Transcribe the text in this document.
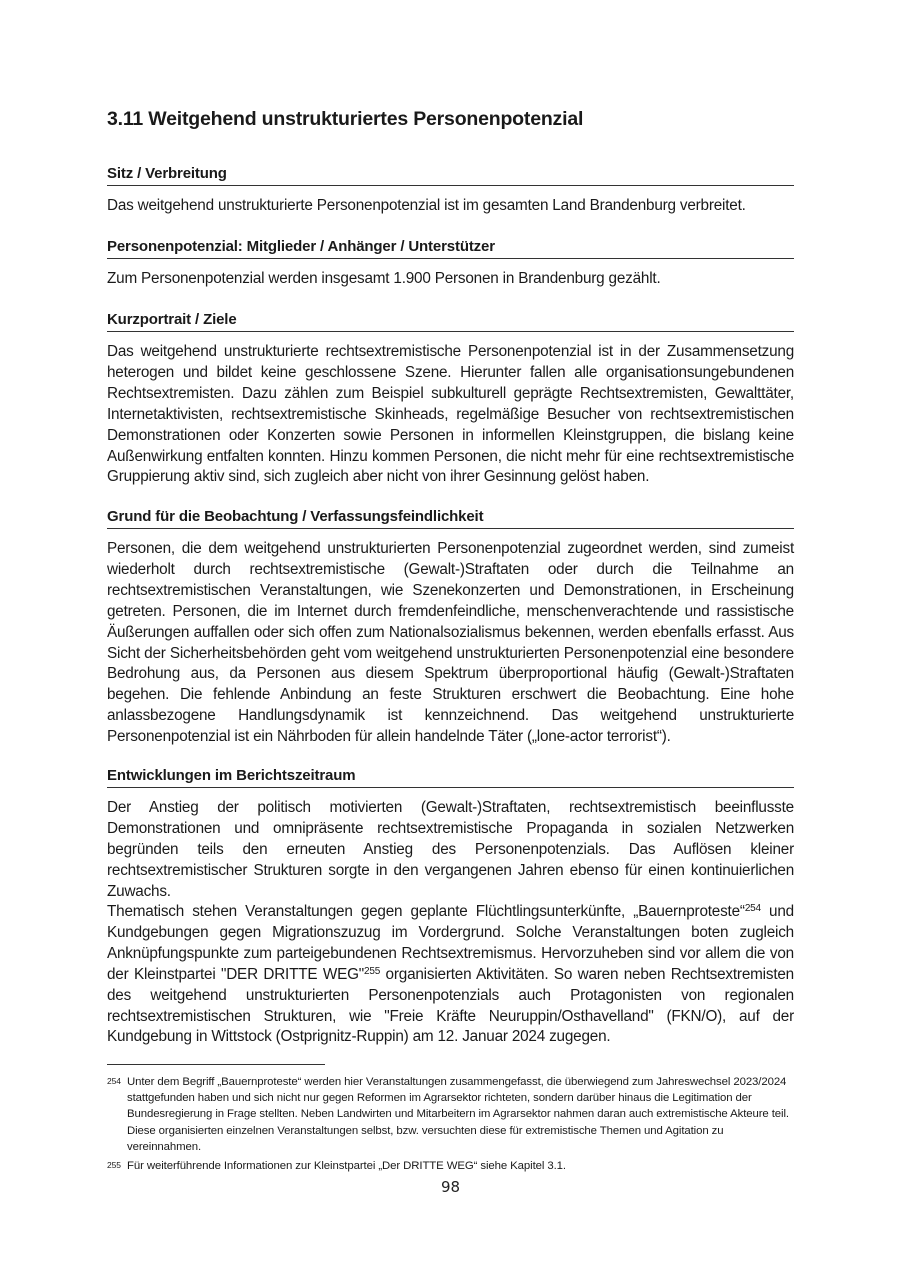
3.11 Weitgehend unstrukturiertes Personenpotenzial
Sitz / Verbreitung

Das weitgehend unstrukturierte Personenpotenzial ist im gesamten Land Brandenburg verbreitet.

Personenpotenzial: Mitglieder / Anhänger / Unterstützer

Zum Personenpotenzial werden insgesamt 1.900 Personen in Brandenburg gezählt.

Kurzportrait / Ziele

Das weitgehend unstrukturierte rechtsextremistische Personenpotenzial ist in der Zusammensetzung heterogen und bildet keine geschlossene Szene. Hierunter fallen alle organisationsungebundenen Rechtsextremisten. Dazu zählen zum Beispiel subkulturell geprägte Rechtsextremisten, Gewalttäter, Internetaktivisten, rechtsextremistische Skinheads, regelmäßige Besucher von rechtsextremistischen Demonstrationen oder Konzerten sowie Personen in informellen Kleinstgruppen, die bislang keine Außenwirkung entfalten konnten. Hinzu kommen Personen, die nicht mehr für eine rechtsextremistische Gruppierung aktiv sind, sich zugleich aber nicht von ihrer Gesinnung gelöst haben.

Grund für die Beobachtung / Verfassungsfeindlichkeit

Personen, die dem weitgehend unstrukturierten Personenpotenzial zugeordnet werden, sind zumeist wiederholt durch rechtsextremistische (Gewalt-)Straftaten oder durch die Teilnahme an rechtsextremistischen Veranstaltungen, wie Szenekonzerten und Demonstrationen, in Erscheinung getreten. Personen, die im Internet durch fremdenfeindliche, menschenverachtende und rassistische Äußerungen auffallen oder sich offen zum Nationalsozialismus bekennen, werden ebenfalls erfasst. Aus Sicht der Sicherheitsbehörden geht vom weitgehend unstrukturierten Personenpotenzial eine besondere Bedrohung aus, da Personen aus diesem Spektrum überproportional häufig (Gewalt-)Straftaten begehen. Die fehlende Anbindung an feste Strukturen erschwert die Beobachtung. Eine hohe anlassbezogene Handlungsdynamik ist kennzeichnend. Das weitgehend unstrukturierte Personenpotenzial ist ein Nährboden für allein handelnde Täter („lone-actor terrorist“).

Entwicklungen im Berichtszeitraum

Der Anstieg der politisch motivierten (Gewalt-)Straftaten, rechtsextremistisch beeinflusste Demonstrationen und omnipräsente rechtsextremistische Propaganda in sozialen Netzwerken begründen teils den erneuten Anstieg des Personenpotenzials. Das Auflösen kleiner rechtsextremistischer Strukturen sorgte in den vergangenen Jahren ebenso für einen kontinuierlichen Zuwachs.

Thematisch stehen Veranstaltungen gegen geplante Flüchtlingsunterkünfte, „Bauernproteste“$^{254}$ und Kundgebungen gegen Migrationszuzug im Vordergrund. Solche Veranstaltungen boten zugleich Anknüpfungspunkte zum parteigebundenen Rechtsextremismus. Hervorzuheben sind vor allem die von der Kleinstpartei "DER DRITTE WEG"$^{255}$ organisierten Aktivitäten. So waren neben Rechtsextremisten des weitgehend unstrukturierten Personenpotenzials auch Protagonisten von regionalen rechtsextremistischen Strukturen, wie "Freie Kräfte Neuruppin/Osthavelland" (FKN/O), auf der Kundgebung in Wittstock (Ostprignitz-Ruppin) am 12. Januar 2024 zugegen.

254 Unter dem Begriff „Bauernproteste“ werden hier Veranstaltungen zusammengefasst, die überwiegend zum Jahreswechsel 2023/2024 stattgefunden haben und sich nicht nur gegen Reformen im Agrarsektor richteten, sondern darüber hinaus die Legitimation der Bundesregierung in Frage stellten. Neben Landwirten und Mitarbeitern im Agrarsektor nahmen daran auch extremistische Akteure teil. Diese organisierten einzelnen Veranstaltungen selbst, bzw. versuchten diese für extremistische Themen und Agitation zu vereinnahmen.

255 Für weiterführende Informationen zur Kleinstpartei „Der DRITTE WEG“ siehe Kapitel 3.1.

98
